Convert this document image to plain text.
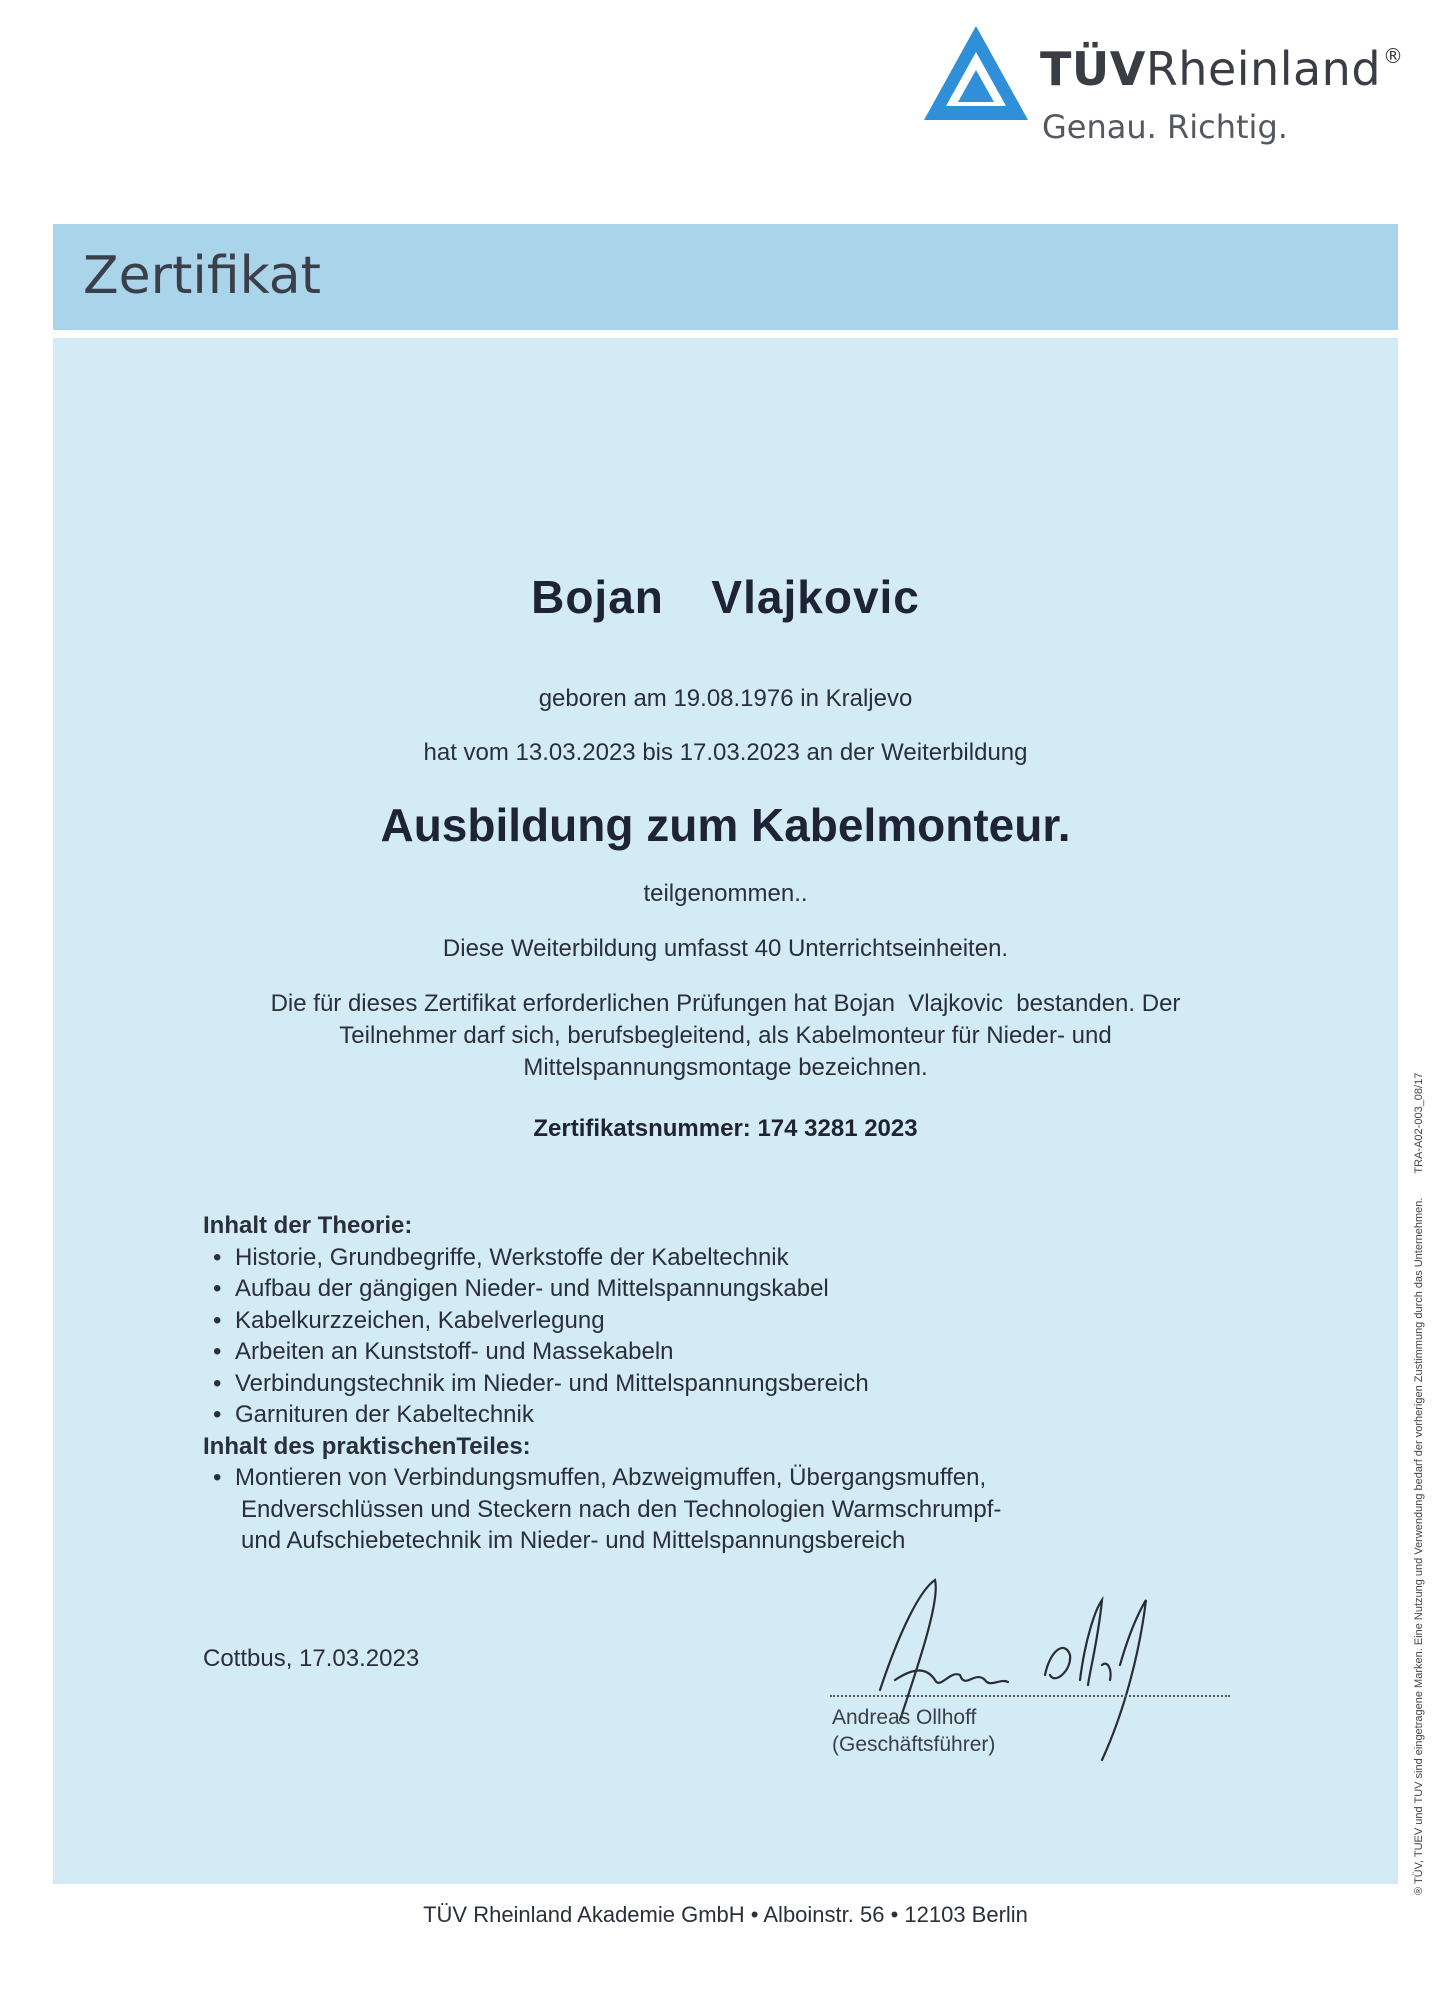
TÜVRheinland ®
Genau. Richtig.
Zertifikat
Bojan  Vlajkovic
geboren am 19.08.1976 in Kraljevo
hat vom 13.03.2023 bis 17.03.2023 an der Weiterbildung
Ausbildung zum Kabelmonteur.
teilgenommen..
Diese Weiterbildung umfasst 40 Unterrichtseinheiten.
Die für dieses Zertifikat erforderlichen Prüfungen hat Bojan  Vlajkovic  bestanden. Der
Teilnehmer darf sich, berufsbegleitend, als Kabelmonteur für Nieder- und
Mittelspannungsmontage bezeichnen.
Zertifikatsnummer: 174 3281 2023
Inhalt der Theorie:
• Historie, Grundbegriffe, Werkstoffe der Kabeltechnik
• Aufbau der gängigen Nieder- und Mittelspannungskabel
• Kabelkurzzeichen, Kabelverlegung
• Arbeiten an Kunststoff- und Massekabeln
• Verbindungstechnik im Nieder- und Mittelspannungsbereich
• Garnituren der Kabeltechnik
Inhalt des praktischenTeiles:
• Montieren von Verbindungsmuffen, Abzweigmuffen, Übergangsmuffen,
Endverschlüssen und Steckern nach den Technologien Warmschrumpf-
und Aufschiebetechnik im Nieder- und Mittelspannungsbereich
Cottbus, 17.03.2023
Andreas Ollhoff
(Geschäftsführer)	® TÜV, TUEV und TUV sind eingetragene Marken. Eine Nutzung und Verwendung bedarf der vorherigen Zustimmung durch das Unternehmen.TRA-A02-003_08/17
TÜV Rheinland Akademie GmbH • Alboinstr. 56 • 12103 Berlin
